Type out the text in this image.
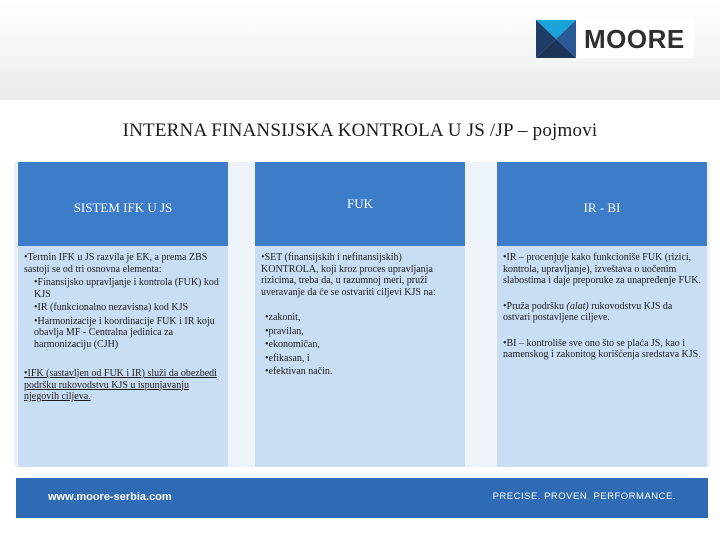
MOORE
INTERNA FINANSIJSKA KONTROLA U JS /JP – pojmovi
SISTEM IFK U JS
•Termin IFK u JS razvila je EK, a prema ZBS sastoji se od tri osnovna elementa:
•Finansijsko upravljanje i kontrola (FUK) kod KJS
•IR (funkcionalno nezavisna) kod KJS
•Harmonizacije i koordinacije FUK i IR koju obavlja MF - Centralna jedinica za harmonizaciju (CJH)
•IFK (sastavljen od FUK i IR) služi da obezbedi podršku rukovodstvu KJS u ispunjavanju njegovih ciljeva.
FUK
•SET (finansijskih i nefinansijskih) KONTROLA, koji kroz proces upravljanja rizicima, treba da, u razumnoj meri, pruži uveravanje da će se ostvariti ciljevi KJS na:
•zakonit,
•pravilan,
•ekonomičan,
•efikasan, i
•efektivan način.
IR - BI
•IR – procenjuje kako funkcioniše FUK (rizici, kontrola, upravljanje), izveštava o uočenim slabostima i daje preporuke za unapređenje FUK.
•Pruža podršku (alat) rukovodstvu KJS da ostvari postavljene ciljeve.
•BI – kontroliše sve ono što se plaća JS, kao i namenskog i zakonitog korišćenja sredstava KJS.
www.moore-serbia.com	PRECISE. PROVEN. PERFORMANCE.
